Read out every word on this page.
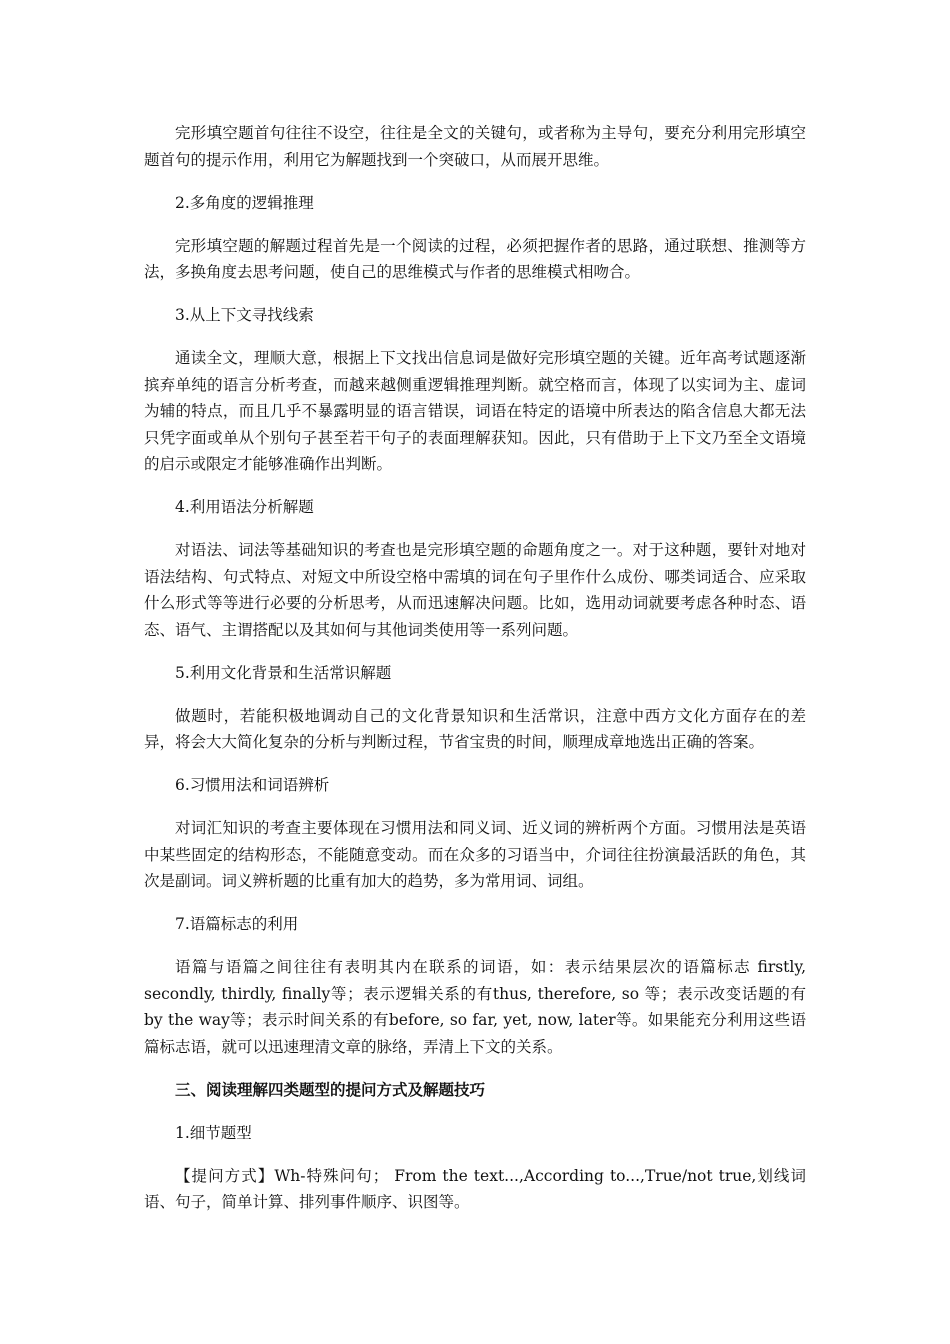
完形填空题首句往往不设空，往往是全文的关键句，或者称为主导句，要充分利用完形填空题首句的提示作用，利用它为解题找到一个突破口，从而展开思维。

2.多角度的逻辑推理

完形填空题的解题过程首先是一个阅读的过程，必须把握作者的思路，通过联想、推测等方法，多换角度去思考问题，使自己的思维模式与作者的思维模式相吻合。

3.从上下文寻找线索

通读全文，理顺大意，根据上下文找出信息词是做好完形填空题的关键。近年高考试题逐渐摈弃单纯的语言分析考查，而越来越侧重逻辑推理判断。就空格而言，体现了以实词为主、虚词为辅的特点，而且几乎不暴露明显的语言错误，词语在特定的语境中所表达的陷含信息大都无法只凭字面或单从个别句子甚至若干句子的表面理解获知。因此，只有借助于上下文乃至全文语境的启示或限定才能够准确作出判断。

4.利用语法分析解题

对语法、词法等基础知识的考查也是完形填空题的命题角度之一。对于这种题，要针对地对语法结构、句式特点、对短文中所设空格中需填的词在句子里作什么成份、哪类词适合、应采取什么形式等等进行必要的分析思考，从而迅速解决问题。比如，选用动词就要考虑各种时态、语态、语气、主谓搭配以及其如何与其他词类使用等一系列问题。

5.利用文化背景和生活常识解题

做题时，若能积极地调动自己的文化背景知识和生活常识，注意中西方文化方面存在的差异，将会大大简化复杂的分析与判断过程，节省宝贵的时间，顺理成章地选出正确的答案。

6.习惯用法和词语辨析

对词汇知识的考查主要体现在习惯用法和同义词、近义词的辨析两个方面。习惯用法是英语中某些固定的结构形态，不能随意变动。而在众多的习语当中，介词往往扮演最活跃的角色，其次是副词。词义辨析题的比重有加大的趋势，多为常用词、词组。

7.语篇标志的利用

语篇与语篇之间往往有表明其内在联系的词语，如：表示结果层次的语篇标志 firstly, secondly, thirdly, finally等；表示逻辑关系的有thus, therefore, so 等；表示改变话题的有by the way等；表示时间关系的有before, so far, yet, now, later等。如果能充分利用这些语篇标志语，就可以迅速理清文章的脉络，弄清上下文的关系。

三、阅读理解四类题型的提问方式及解题技巧

1.细节题型

【提问方式】Wh-特殊问句； From the text...,According to...,True/not true,划线词语、句子，简单计算、排列事件顺序、识图等。
